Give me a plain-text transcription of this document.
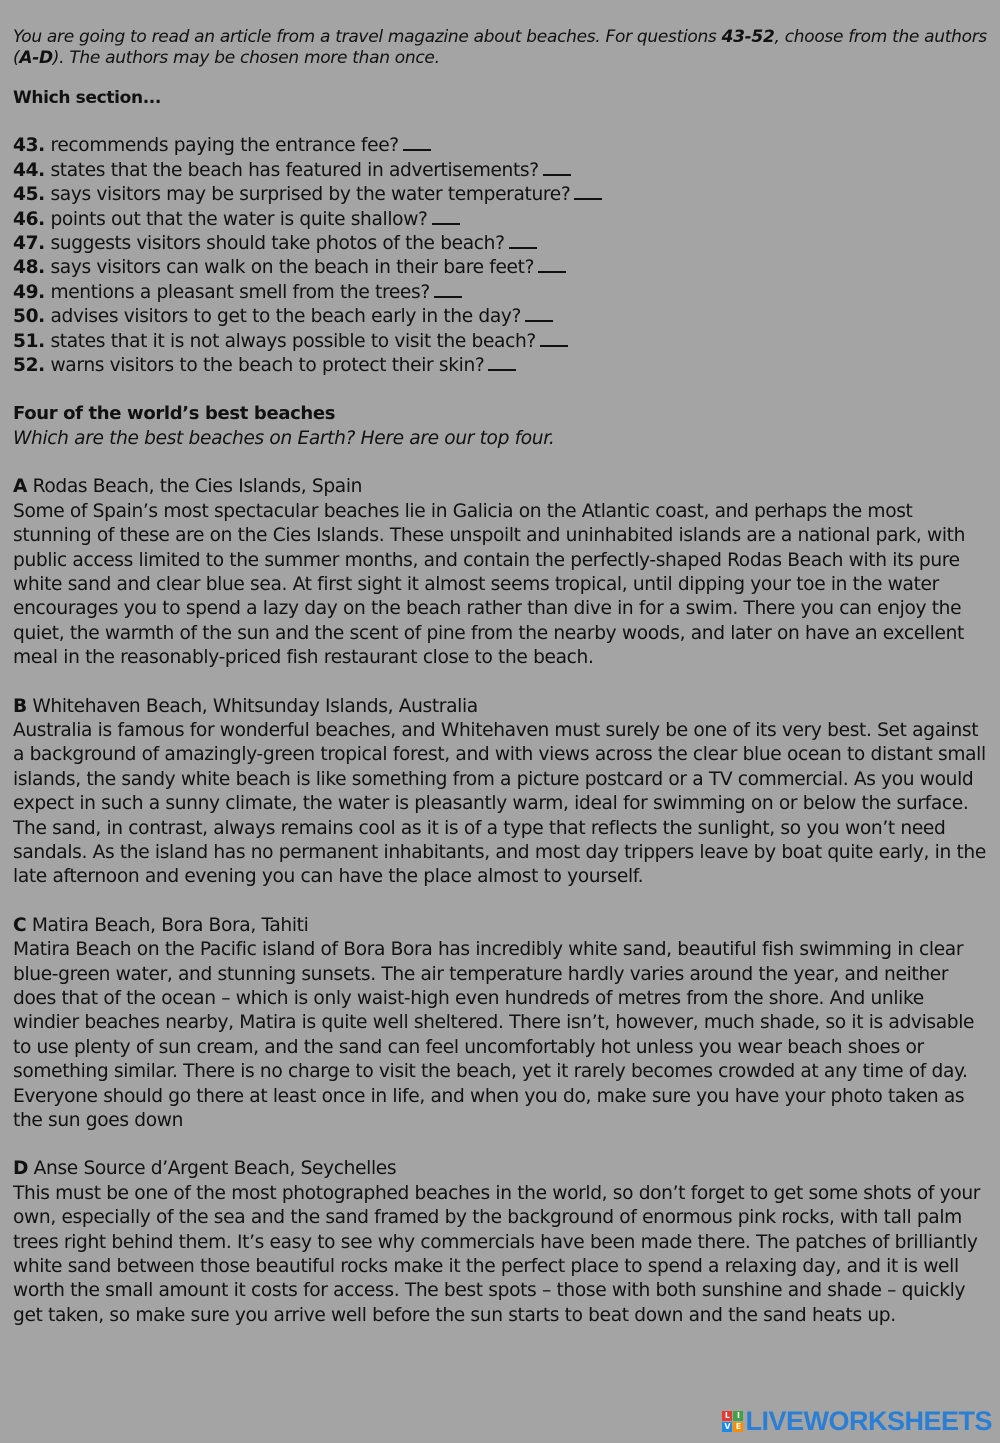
You are going to read an article from a travel magazine about beaches. For questions 43-52, choose from the authors (A-D). The authors may be chosen more than once.

Which section...

43. recommends paying the entrance fee?

44. states that the beach has featured in advertisements?

45. says visitors may be surprised by the water temperature?

46. points out that the water is quite shallow?

47. suggests visitors should take photos of the beach?

48. says visitors can walk on the beach in their bare feet?

49. mentions a pleasant smell from the trees?

50. advises visitors to get to the beach early in the day?

51. states that it is not always possible to visit the beach?

52. warns visitors to the beach to protect their skin?

Four of the world’s best beaches

Which are the best beaches on Earth? Here are our top four.

A Rodas Beach, the Cies Islands, Spain

Some of Spain’s most spectacular beaches lie in Galicia on the Atlantic coast, and perhaps the most stunning of these are on the Cies Islands. These unspoilt and uninhabited islands are a national park, with public access limited to the summer months, and contain the perfectly-shaped Rodas Beach with its pure white sand and clear blue sea. At first sight it almost seems tropical, until dipping your toe in the water encourages you to spend a lazy day on the beach rather than dive in for a swim. There you can enjoy the quiet, the warmth of the sun and the scent of pine from the nearby woods, and later on have an excellent meal in the reasonably-priced fish restaurant close to the beach.

B Whitehaven Beach, Whitsunday Islands, Australia

Australia is famous for wonderful beaches, and Whitehaven must surely be one of its very best. Set against a background of amazingly-green tropical forest, and with views across the clear blue ocean to distant small islands, the sandy white beach is like something from a picture postcard or a TV commercial. As you would expect in such a sunny climate, the water is pleasantly warm, ideal for swimming on or below the surface. The sand, in contrast, always remains cool as it is of a type that reflects the sunlight, so you won’t need sandals. As the island has no permanent inhabitants, and most day trippers leave by boat quite early, in the late afternoon and evening you can have the place almost to yourself.

C Matira Beach, Bora Bora, Tahiti

Matira Beach on the Pacific island of Bora Bora has incredibly white sand, beautiful fish swimming in clear blue-green water, and stunning sunsets. The air temperature hardly varies around the year, and neither does that of the ocean – which is only waist-high even hundreds of metres from the shore. And unlike windier beaches nearby, Matira is quite well sheltered. There isn’t, however, much shade, so it is advisable to use plenty of sun cream, and the sand can feel uncomfortably hot unless you wear beach shoes or something similar. There is no charge to visit the beach, yet it rarely becomes crowded at any time of day. Everyone should go there at least once in life, and when you do, make sure you have your photo taken as the sun goes down

D Anse Source d’Argent Beach, Seychelles

This must be one of the most photographed beaches in the world, so don’t forget to get some shots of your own, especially of the sea and the sand framed by the background of enormous pink rocks, with tall palm trees right behind them. It’s easy to see why commercials have been made there. The patches of brilliantly white sand between those beautiful rocks make it the perfect place to spend a relaxing day, and it is well worth the small amount it costs for access. The best spots – those with both sunshine and shade – quickly get taken, so make sure you arrive well before the sun starts to beat down and the sand heats up.

L I
V E LIVEWORKSHEETS
